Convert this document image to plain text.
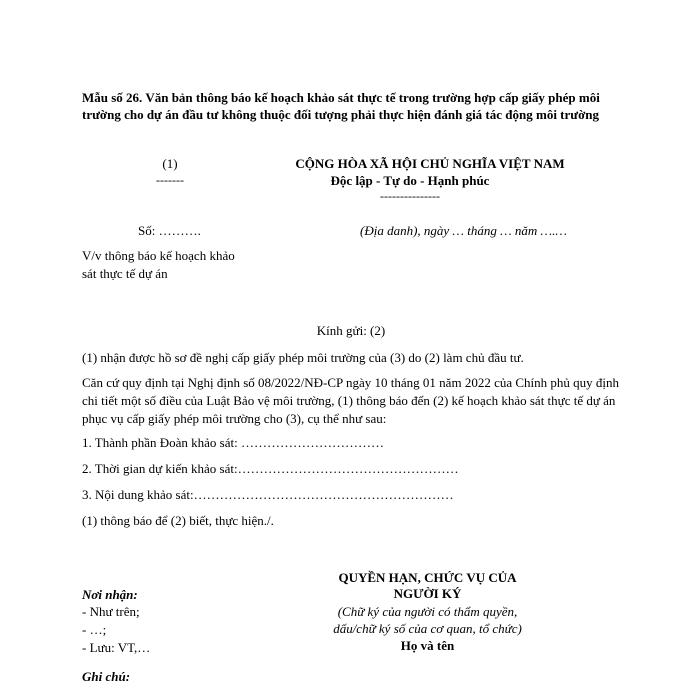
Mẫu số 26. Văn bản thông báo kế hoạch khảo sát thực tế trong trường hợp cấp giấy phép môi trường cho dự án đầu tư không thuộc đối tượng phải thực hiện đánh giá tác động môi trường
(1)
-------
CỘNG HÒA XÃ HỘI CHỦ NGHĨA VIỆT NAM
Độc lập - Tự do - Hạnh phúc
---------------
Số: ……….	(Địa danh), ngày … tháng … năm ….…
V/v thông báo kế hoạch khảo
sát thực tế dự án
Kính gửi: (2)
(1) nhận được hồ sơ đề nghị cấp giấy phép môi trường của (3) do (2) làm chủ đầu tư.
Căn cứ quy định tại Nghị định số 08/2022/NĐ-CP ngày 10 tháng 01 năm 2022 của Chính phủ quy định chi tiết một số điều của Luật Bảo vệ môi trường, (1) thông báo đến (2) kế hoạch khảo sát thực tế dự án phục vụ cấp giấy phép môi trường cho (3), cụ thể như sau:
1. Thành phần Đoàn khảo sát: ……………………………
2. Thời gian dự kiến khảo sát:……………………………………………
3. Nội dung khảo sát:……………………………………………………
(1) thông báo để (2) biết, thực hiện./.
Nơi nhận:
- Như trên;
- …;
- Lưu: VT,…
QUYỀN HẠN, CHỨC VỤ CỦA
NGƯỜI KÝ
(Chữ ký của người có thẩm quyền,
dấu/chữ ký số của cơ quan, tổ chức)
Họ và tên
Ghi chú:
